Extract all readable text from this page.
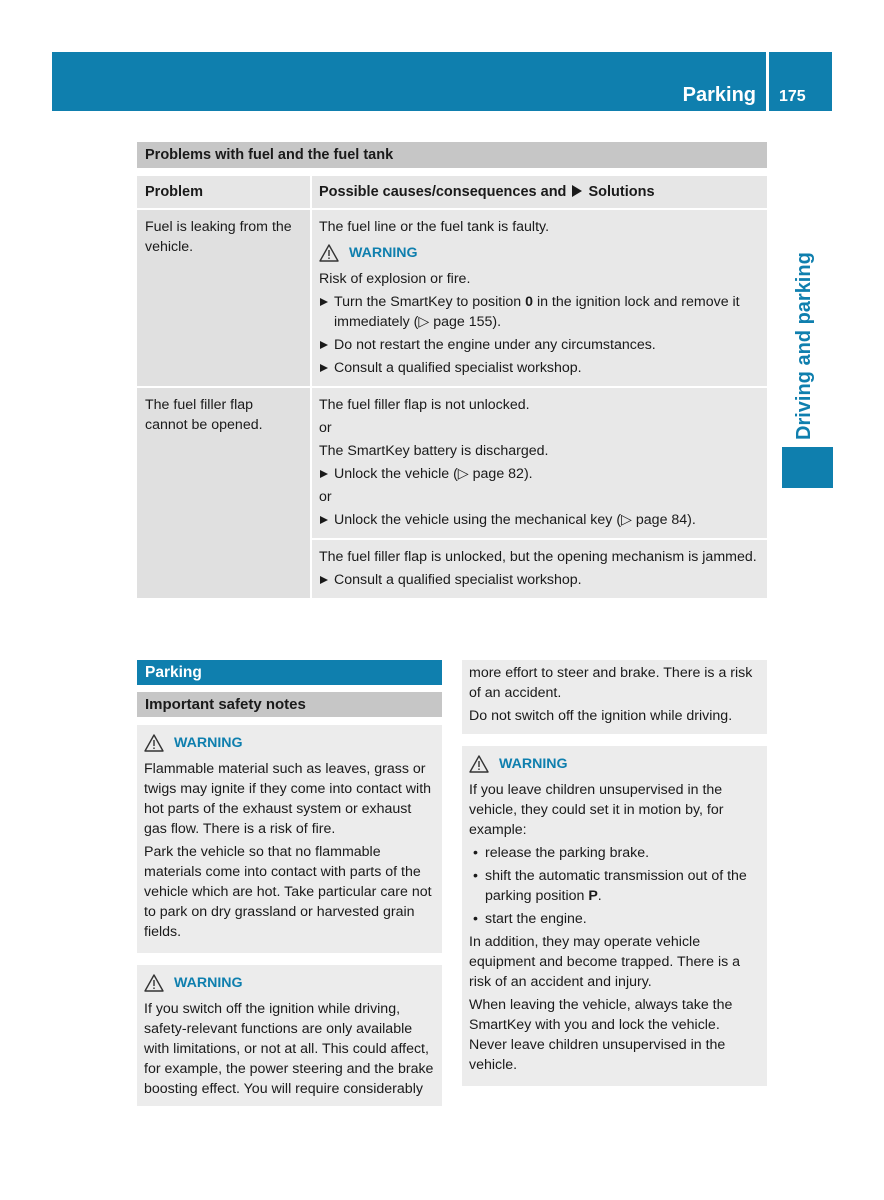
Parking 175
Driving and parking
Problems with fuel and the fuel tank
Problem	Possible causes/consequences and Solutions
Fuel is leaking from the vehicle.
The fuel line or the fuel tank is faulty.
WARNING
Risk of explosion or fire.
Turn the SmartKey to position 0 in the ignition lock and remove it immediately (▷ page 155).
Do not restart the engine under any circumstances.
Consult a qualified specialist workshop.
The fuel filler flap cannot be opened.
The fuel filler flap is not unlocked.
or
The SmartKey battery is discharged.
Unlock the vehicle (▷ page 82).
or
Unlock the vehicle using the mechanical key (▷ page 84).
The fuel filler flap is unlocked, but the opening mechanism is jammed.
Consult a qualified specialist workshop.
Parking
Important safety notes
WARNING

Flammable material such as leaves, grass or twigs may ignite if they come into contact with hot parts of the exhaust system or exhaust gas flow. There is a risk of fire.

Park the vehicle so that no flammable materials come into contact with parts of the vehicle which are hot. Take particular care not to park on dry grassland or harvested grain fields.

WARNING

If you switch off the ignition while driving, safety-relevant functions are only available with limitations, or not at all. This could affect, for example, the power steering and the brake boosting effect. You will require considerably

more effort to steer and brake. There is a risk of an accident.

Do not switch off the ignition while driving.

WARNING

If you leave children unsupervised in the vehicle, they could set it in motion by, for example:

• release the parking brake.
• shift the automatic transmission out of the parking position P.
• start the engine.

In addition, they may operate vehicle equipment and become trapped. There is a risk of an accident and injury.

When leaving the vehicle, always take the SmartKey with you and lock the vehicle. Never leave children unsupervised in the vehicle.
